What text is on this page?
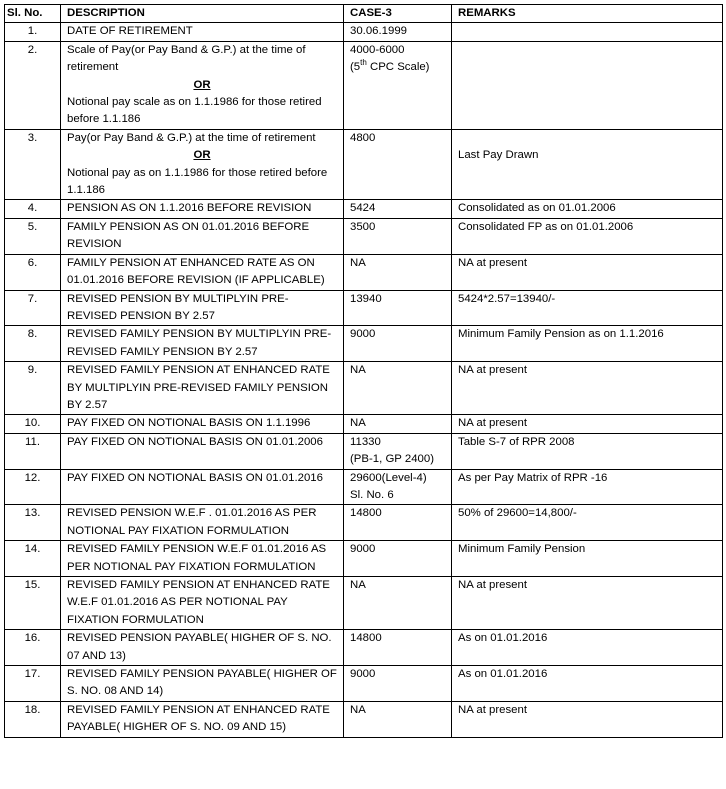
Sl. No.	DESCRIPTION	CASE-3	REMARKS
1.	DATE OF RETIREMENT	30.06.1999	
2.	Scale of Pay(or Pay Band & G.P.) at the time of retirement
OR
Notional pay scale as on 1.1.1986 for those retired before 1.1.186	4000-6000
(5th CPC Scale)	

3.	Pay(or Pay Band & G.P.) at the time of retirement
OR
Notional pay as on 1.1.1986 for those retired before 1.1.186	4800	Last Pay Drawn

4.	PENSION AS ON 1.1.2016 BEFORE REVISION	5424	Consolidated as on 01.01.2006
5.	FAMILY PENSION AS ON 01.01.2016 BEFORE REVISION	3500	Consolidated FP as on 01.01.2006
6.	FAMILY PENSION AT ENHANCED RATE AS ON 01.01.2016 BEFORE REVISION (IF APPLICABLE)	NA	NA at present
7.	REVISED PENSION BY MULTIPLYIN PRE-REVISED PENSION BY 2.57	13940	5424*2.57=13940/-
8.	REVISED FAMILY PENSION BY MULTIPLYIN PRE-REVISED FAMILY PENSION BY 2.57	9000	Minimum Family Pension as on 1.1.2016
9.	REVISED FAMILY PENSION AT ENHANCED RATE BY MULTIPLYIN PRE-REVISED FAMILY PENSION BY 2.57	NA	NA at present
10.	PAY FIXED ON NOTIONAL BASIS ON 1.1.1996	NA	NA at present
11.	PAY FIXED ON NOTIONAL BASIS ON 01.01.2006	11330
(PB-1, GP 2400)	Table S-7 of RPR 2008
12.	PAY FIXED ON NOTIONAL BASIS ON 01.01.2016	29600(Level-4)
Sl. No. 6	As per Pay Matrix of RPR -16
13.	REVISED PENSION W.E.F . 01.01.2016 AS PER NOTIONAL PAY FIXATION FORMULATION	14800	50% of 29600=14,800/-
14.	REVISED FAMILY PENSION W.E.F 01.01.2016 AS PER NOTIONAL PAY FIXATION FORMULATION	9000	Minimum Family Pension
15.	REVISED FAMILY PENSION AT ENHANCED RATE W.E.F 01.01.2016 AS PER NOTIONAL PAY FIXATION FORMULATION	NA	NA at present
16.	REVISED PENSION PAYABLE( HIGHER OF S. NO. 07 AND 13)	14800	As on 01.01.2016
17.	REVISED FAMILY PENSION PAYABLE( HIGHER OF S. NO. 08 AND 14)	9000	As on 01.01.2016
18.	REVISED FAMILY PENSION AT ENHANCED RATE PAYABLE( HIGHER OF S. NO. 09 AND 15)	NA	NA at present
